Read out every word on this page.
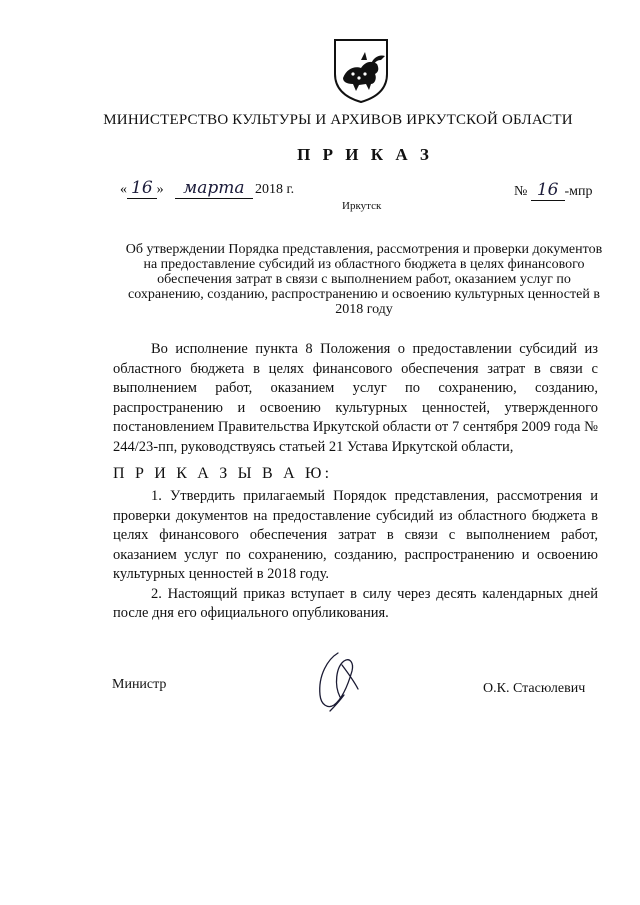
МИНИСТЕРСТВО КУЛЬТУРЫ И АРХИВОВ ИРКУТСКОЙ ОБЛАСТИ
П Р И К А З
« 16 » марта 2018 г.	№ 16 -мпр
Иркутск
Об утверждении Порядка представления, рассмотрения и проверки документов на предоставление субсидий из областного бюджета в целях финансового обеспечения затрат в связи с выполнением работ, оказанием услуг по сохранению, созданию, распространению и освоению культурных ценностей в 2018 году
Во исполнение пункта 8 Положения о предоставлении субсидий из областного бюджета в целях финансового обеспечения затрат в связи с выполнением работ, оказанием услуг по сохранению, созданию, распространению и освоению культурных ценностей, утвержденного постановлением Правительства Иркутской области от 7 сентября 2009 года № 244/23-пп, руководствуясь статьей 21 Устава Иркутской области,
П Р И К А З Ы В А Ю:

1. Утвердить прилагаемый Порядок представления, рассмотрения и проверки документов на предоставление субсидий из областного бюджета в целях финансового обеспечения затрат в связи с выполнением работ, оказанием услуг по сохранению, созданию, распространению и освоению культурных ценностей в 2018 году.

2. Настоящий приказ вступает в силу через десять календарных дней после дня его официального опубликования.

Министр	О.К. Стасюлевич
